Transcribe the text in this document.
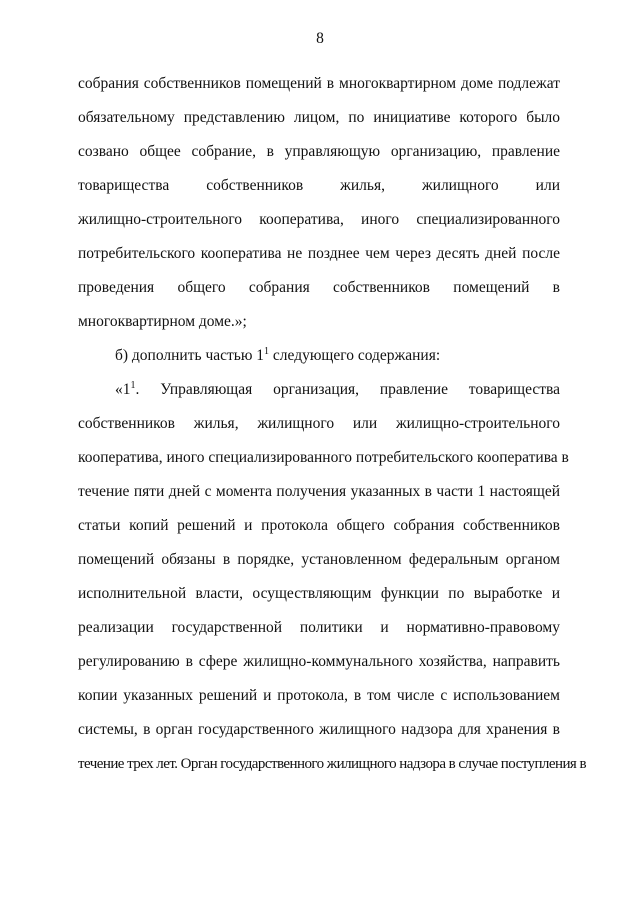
8
собрания собственников помещений в многоквартирном доме подлежат
обязательному представлению лицом, по инициативе которого было
созвано общее собрание, в управляющую организацию, правление
товарищества собственников жилья, жилищного или
жилищно-строительного кооператива, иного специализированного
потребительского кооператива не позднее чем через десять дней после
проведения общего собрания собственников помещений в
многоквартирном доме.»;
б) дополнить частью $1^1$ следующего содержания:
«$1^1$. Управляющая организация, правление товарищества
собственников жилья, жилищного или жилищно-строительного
кооператива, иного специализированного потребительского кооператива в
течение пяти дней с момента получения указанных в части 1 настоящей
статьи копий решений и протокола общего собрания собственников
помещений обязаны в порядке, установленном федеральным органом
исполнительной власти, осуществляющим функции по выработке и
реализации государственной политики и нормативно-правовому
регулированию в сфере жилищно-коммунального хозяйства, направить
копии указанных решений и протокола, в том числе с использованием
системы, в орган государственного жилищного надзора для хранения в
течение трех лет. Орган государственного жилищного надзора в случае поступления в
